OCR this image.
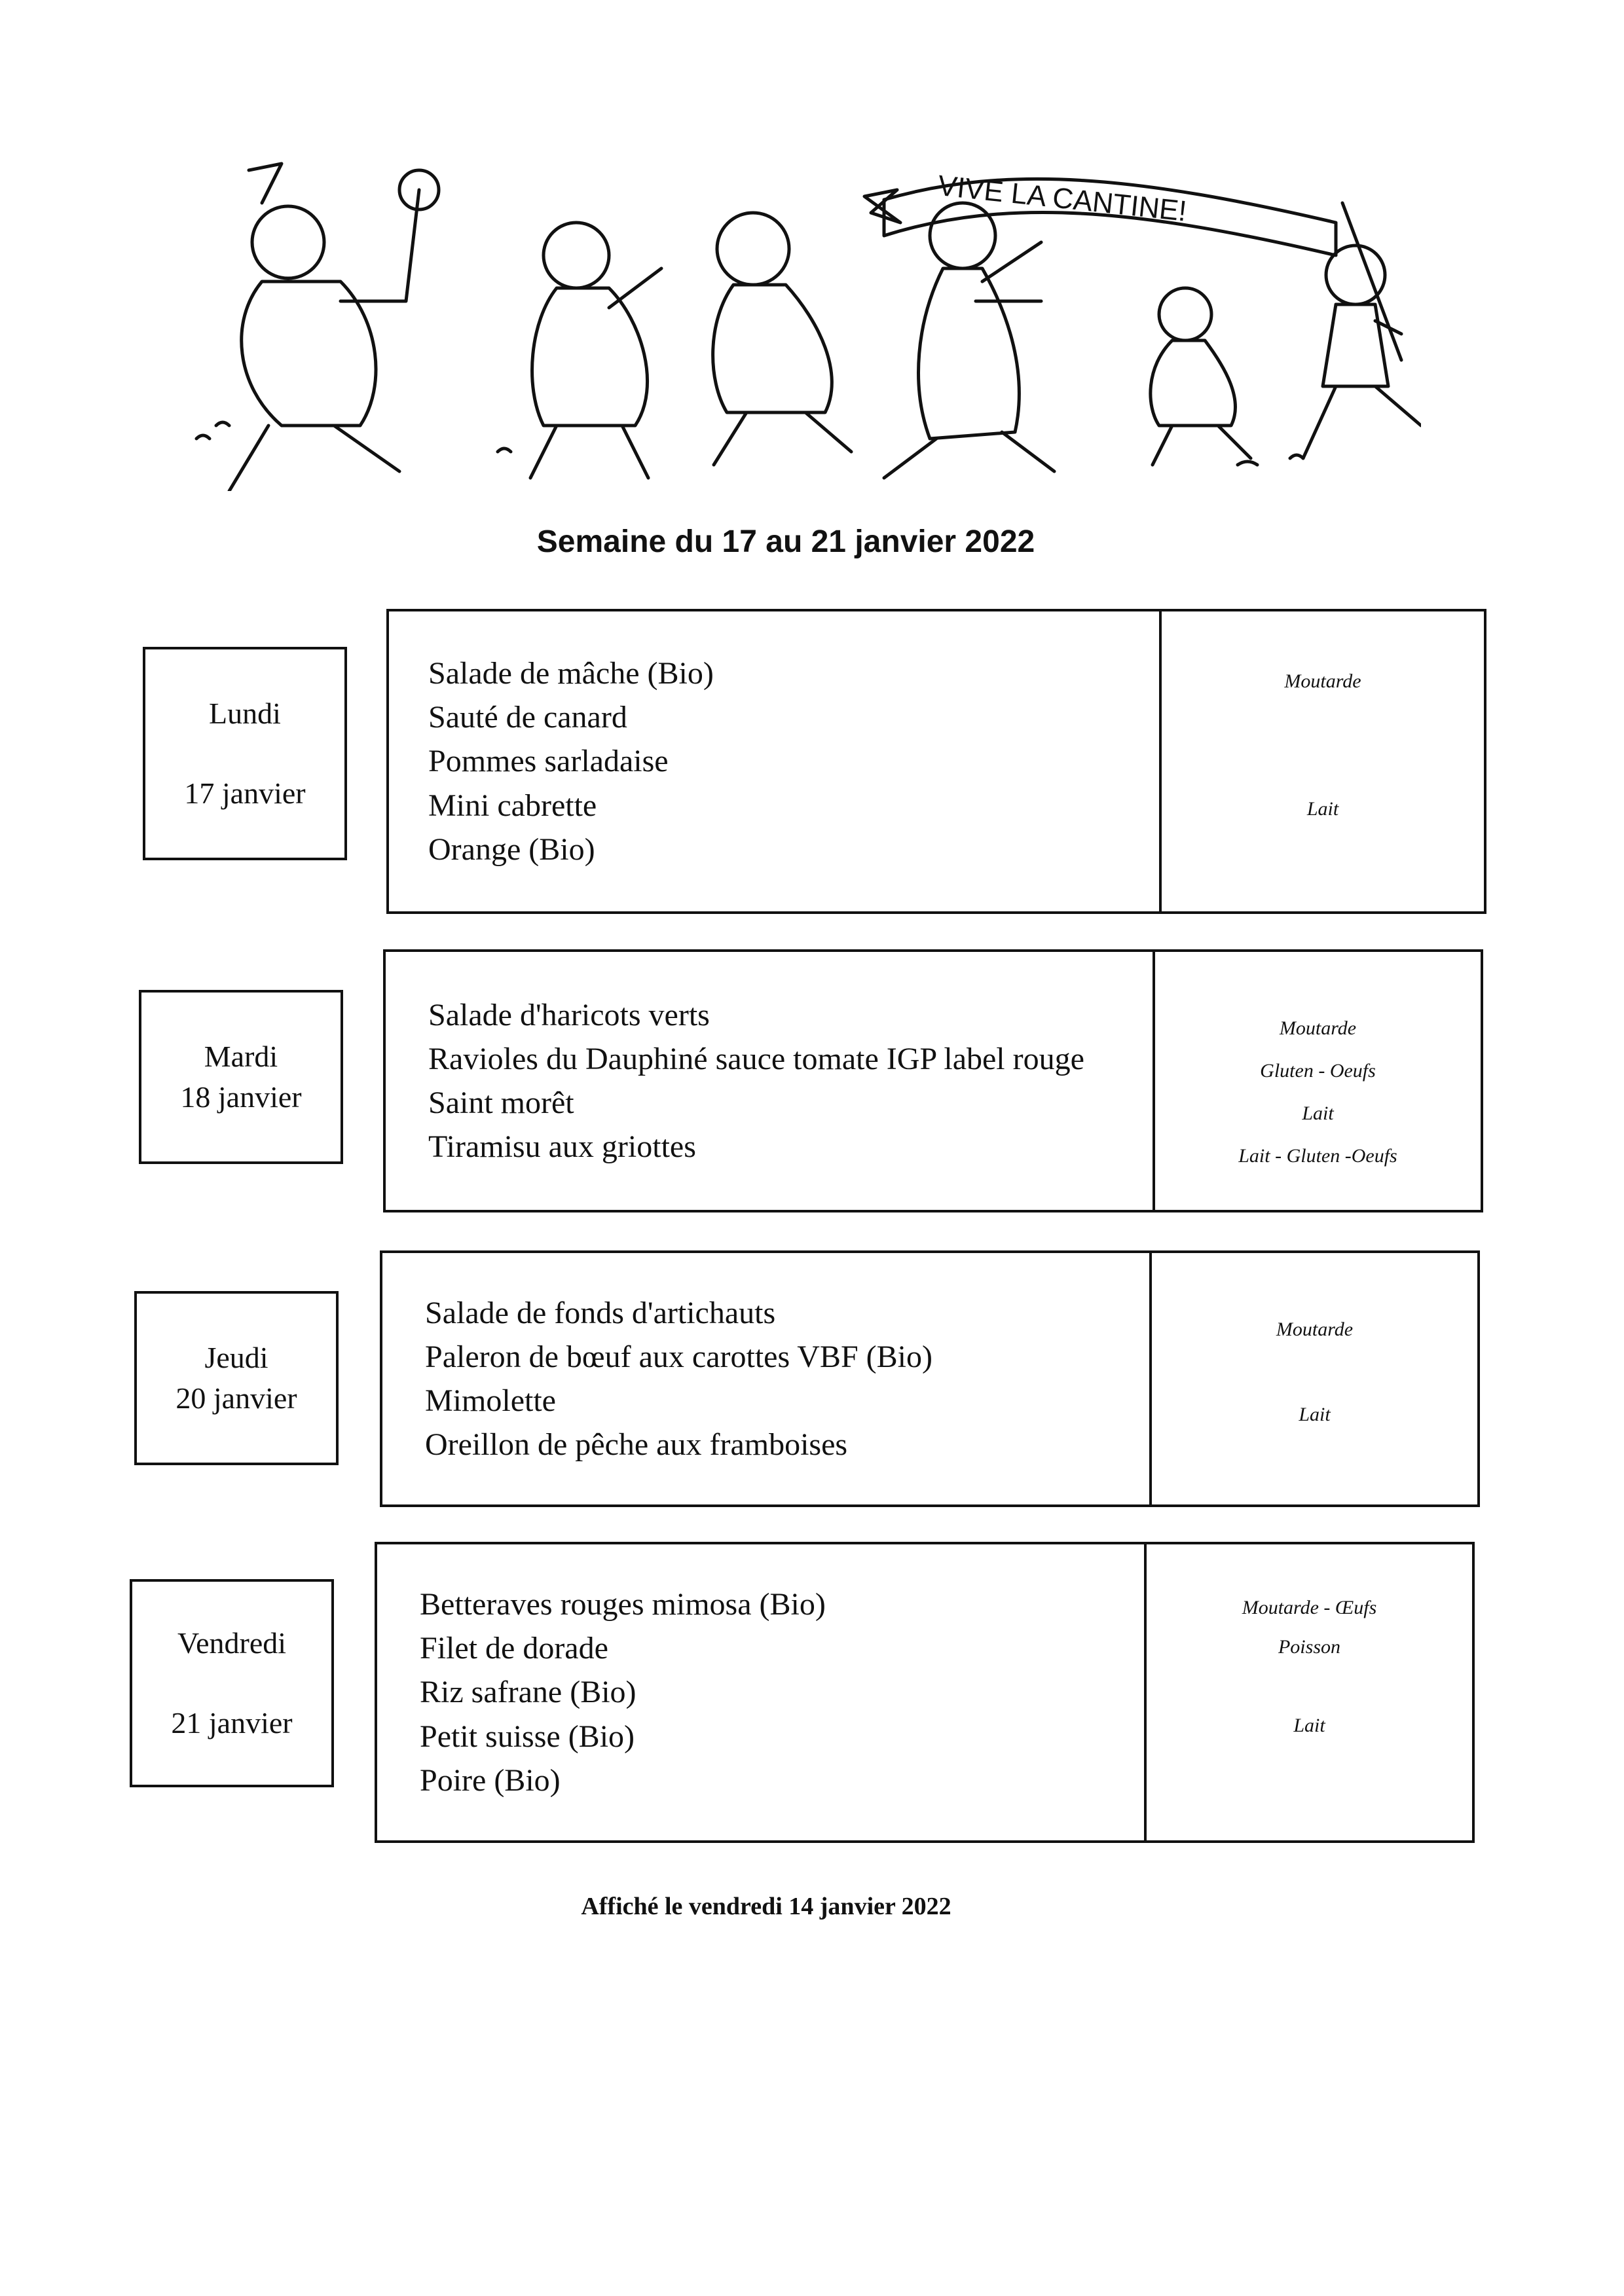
VIVE LA CANTINE!
Semaine du 17 au 21 janvier 2022
Lundi
17 janvier
Salade de mâche (Bio)
Sauté de canard
Pommes sarladaise
Mini cabrette
Orange (Bio)
Moutarde
Lait
Mardi
18 janvier
Salade d'haricots verts
Ravioles du Dauphiné sauce tomate IGP label rouge
Saint morêt
Tiramisu aux griottes
Moutarde
Gluten - Oeufs
Lait
Lait - Gluten -Oeufs
Jeudi
20 janvier
Salade de fonds d'artichauts
Paleron de bœuf aux carottes VBF (Bio)
Mimolette
Oreillon de pêche aux framboises
Moutarde
Lait
Vendredi
21 janvier
Betteraves rouges mimosa (Bio)
Filet de dorade
Riz safrane (Bio)
Petit suisse (Bio)
Poire (Bio)
Moutarde - Œufs
Poisson
Lait
Affiché le vendredi 14 janvier 2022
